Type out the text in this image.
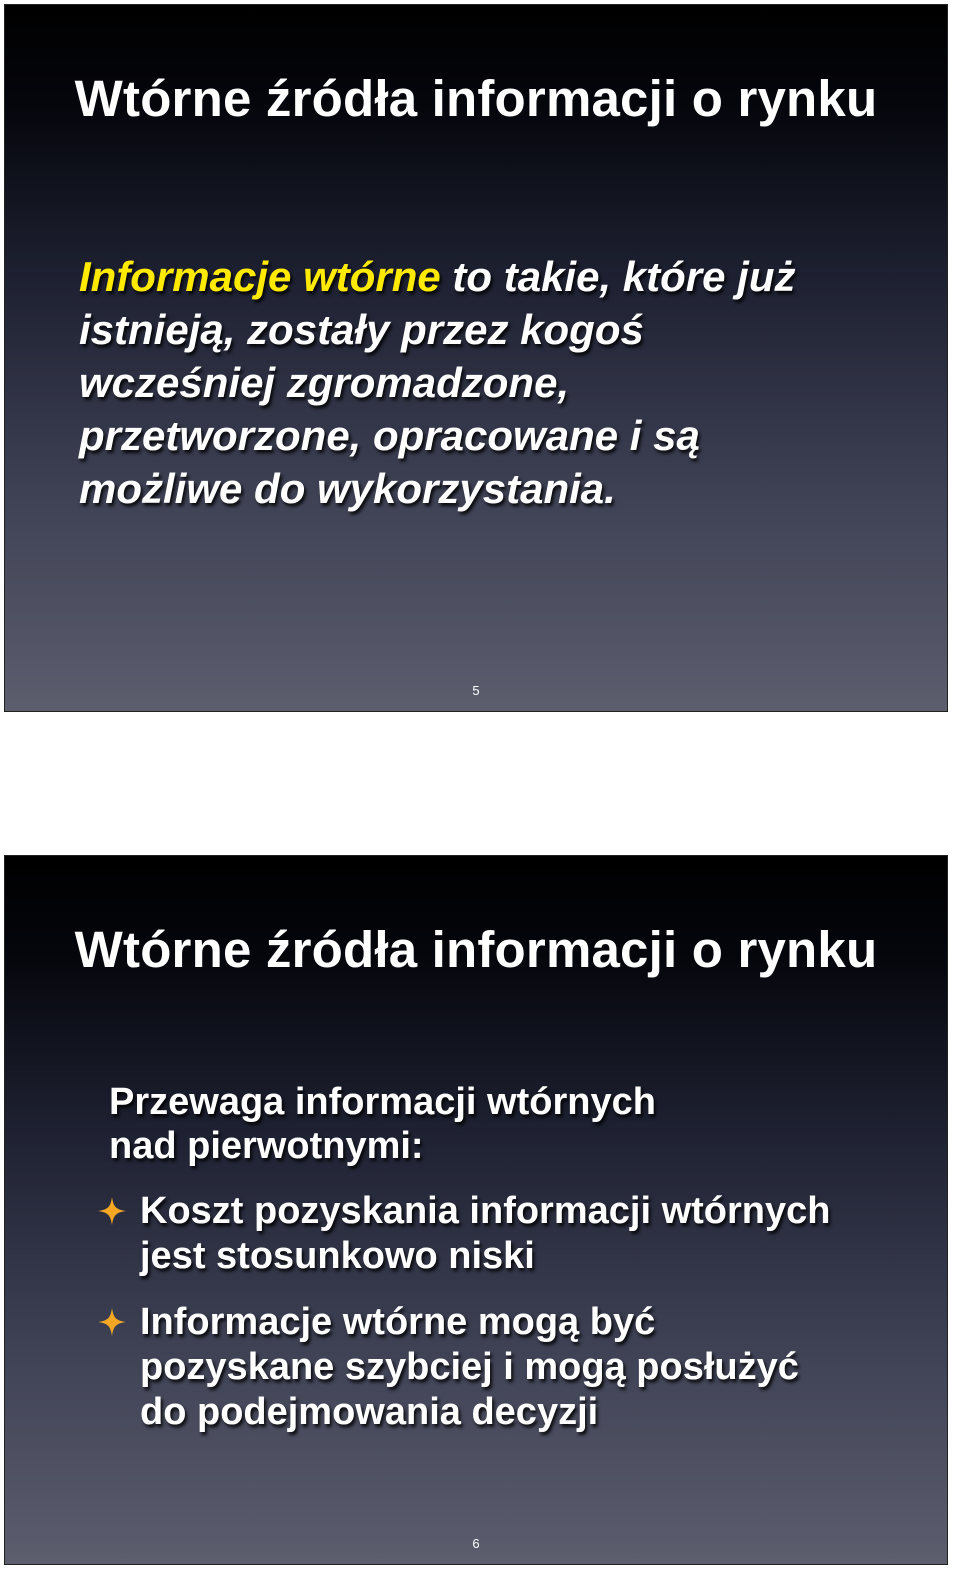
Wtórne źródła informacji o rynku
Informacje wtórne to takie, które już
istnieją, zostały przez kogoś
wcześniej zgromadzone,
przetworzone, opracowane i są
możliwe do wykorzystania.
5
Wtórne źródła informacji o rynku
Przewaga informacji wtórnych
nad pierwotnymi:
Koszt pozyskania informacji wtórnych
jest stosunkowo niski
Informacje wtórne mogą być
pozyskane szybciej i mogą posłużyć
do podejmowania decyzji
6
